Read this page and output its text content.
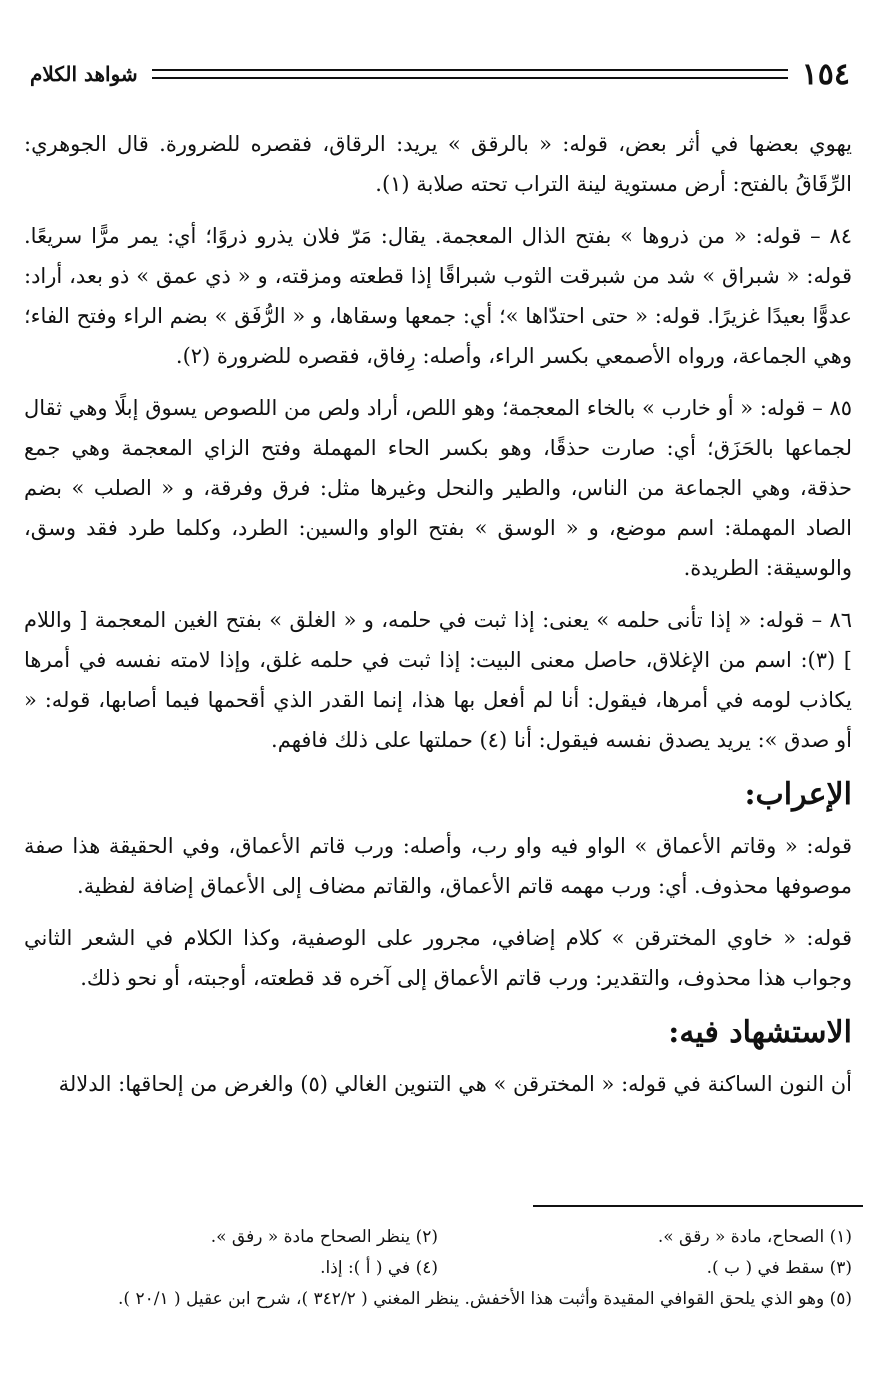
١٥٤
شواهد الكلام

يهوي بعضها في أثر بعض، قوله: « بالرقق » يريد: الرقاق، فقصره للضرورة. قال الجوهري: الرِّقَاقُ بالفتح: أرض مستوية لينة التراب تحته صلابة (١).

٨٤ – قوله: « من ذروها » بفتح الذال المعجمة. يقال: مَرّ فلان يذرو ذروًا؛ أي: يمر مرًّا سريعًا. قوله: « شبراق » شد من شبرقت الثوب شبراقًا إذا قطعته ومزقته، و « ذي عمق » ذو بعد، أراد: عدوًّا بعيدًا غزيرًا. قوله: « حتى احتدّاها »؛ أي: جمعها وسقاها، و « الرُّفَق » بضم الراء وفتح الفاء؛ وهي الجماعة، ورواه الأصمعي بكسر الراء، وأصله: رِفاق، فقصره للضرورة (٢).

٨٥ – قوله: « أو خارب » بالخاء المعجمة؛ وهو اللص، أراد ولص من اللصوص يسوق إبلًا وهي ثقال لجماعها بالحَزَق؛ أي: صارت حذقًا، وهو بكسر الحاء المهملة وفتح الزاي المعجمة وهي جمع حذقة، وهي الجماعة من الناس، والطير والنحل وغيرها مثل: فرق وفرقة، و « الصلب » بضم الصاد المهملة: اسم موضع، و « الوسق » بفتح الواو والسين: الطرد، وكلما طرد فقد وسق، والوسيقة: الطريدة.

٨٦ – قوله: « إذا تأنى حلمه » يعنى: إذا ثبت في حلمه، و « الغلق » بفتح الغين المعجمة [ واللام ] (٣): اسم من الإغلاق، حاصل معنى البيت: إذا ثبت في حلمه غلق، وإذا لامته نفسه في أمرها يكاذب لومه في أمرها، فيقول: أنا لم أفعل بها هذا، إنما القدر الذي أقحمها فيما أصابها، قوله: « أو صدق »: يريد يصدق نفسه فيقول: أنا (٤) حملتها على ذلك فافهم.

الإعراب:

قوله: « وقاتم الأعماق » الواو فيه واو رب، وأصله: ورب قاتم الأعماق، وفي الحقيقة هذا صفة موصوفها محذوف. أي: ورب مهمه قاتم الأعماق، والقاتم مضاف إلى الأعماق إضافة لفظية.

قوله: « خاوي المخترقن » كلام إضافي، مجرور على الوصفية، وكذا الكلام في الشعر الثاني وجواب هذا محذوف، والتقدير: ورب قاتم الأعماق إلى آخره قد قطعته، أوجبته، أو نحو ذلك.

الاستشهاد فيه:

أن النون الساكنة في قوله: « المخترقن » هي التنوين الغالي (٥) والغرض من إلحاقها: الدلالة

(١) الصحاح، مادة « رقق ».
(٢) ينظر الصحاح مادة « رفق ».
(٣) سقط في ( ب ).
(٤) في ( أ ): إذا.
(٥) وهو الذي يلحق القوافي المقيدة وأثبت هذا الأخفش. ينظر المغني ( ٣٤٢/٢ )، شرح ابن عقيل ( ٢٠/١ ).
